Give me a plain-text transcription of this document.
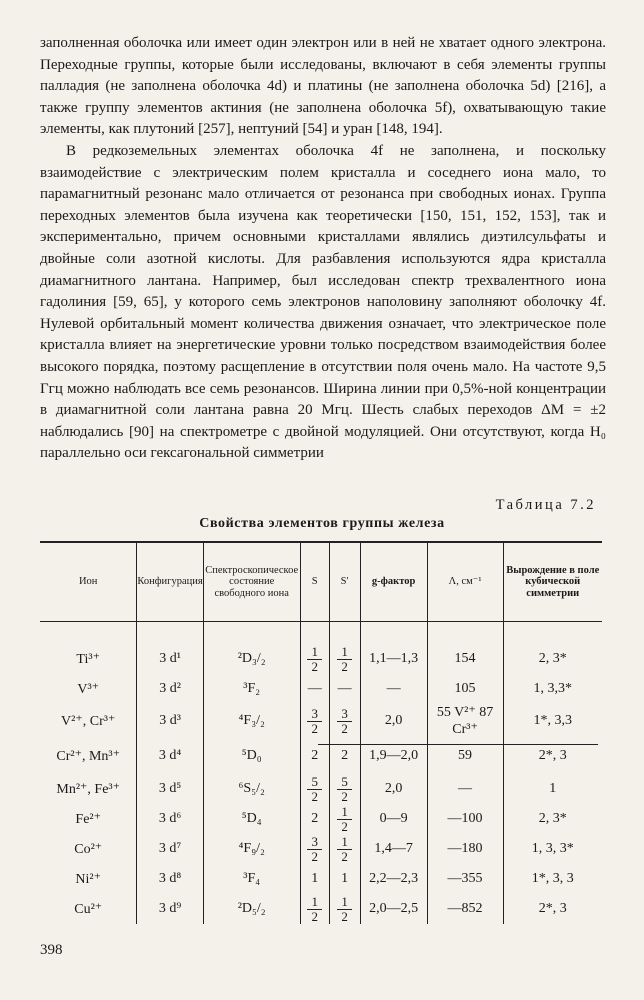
заполненная оболочка или имеет один электрон или в ней не хватает одного электрона. Переходные группы, которые были исследованы, включают в себя элементы группы палладия (не заполнена оболочка 4d) и платины (не заполнена оболочка 5d) [216], а также группу элементов актиния (не заполнена оболочка 5f), охватывающую такие элементы, как плутоний [257], нептуний [54] и уран [148, 194].

В редкоземельных элементах оболочка 4f не заполнена, и поскольку взаимодействие с электрическим полем кристалла и соседнего иона мало, то парамагнитный резонанс мало отличается от резонанса при свободных ионах. Группа переходных элементов была изучена как теоретически [150, 151, 152, 153], так и экспериментально, причем основными кристаллами являлись диэтилсульфаты и двойные соли азотной кислоты. Для разбавления используются ядра кристалла диамагнитного лантана. Например, был исследован спектр трехвалентного иона гадолиния [59, 65], у которого семь электронов наполовину заполняют оболочку 4f. Нулевой орбитальный момент количества движения означает, что электрическое поле кристалла влияет на энергетические уровни только посредством взаимодействия более высокого порядка, поэтому расщепление в отсутствии поля очень мало. На частоте 9,5 Ггц можно наблюдать все семь резонансов. Ширина линии при 0,5%-ной концентрации в диамагнитной соли лантана равна 20 Мгц. Шесть слабых переходов ΔM = ±2 наблюдались [90] на спектрометре с двойной модуляцией. Они отсутствуют, когда H₀ параллельно оси гексагональной симметрии

Таблица 7.2
Свойства элементов группы железа
Ион	Конфигурация	Спектроскопическое состояние свободного иона	S	S′	g-фактор	Λ, см⁻¹	Вырождение в поле кубической симметрии

Ti³⁺	3 d¹	²D₃/₂	$\frac{1}{2}$	$\frac{1}{2}$	1,1—1,3	154	2, 3*
V³⁺	3 d²	³F₂	—	—	—	105	1, 3,3*
V²⁺, Cr³⁺	3 d³	⁴F₃/₂	$\frac{3}{2}$	$\frac{3}{2}$	2,0	55 V²⁺ 87 Cr³⁺	1*, 3,3
Cr²⁺, Mn³⁺	3 d⁴	⁵D₀	2	2	1,9—2,0	59	2*, 3
Mn²⁺, Fe³⁺	3 d⁵	⁶S₅/₂	$\frac{5}{2}$	$\frac{5}{2}$	2,0	—	1
Fe²⁺	3 d⁶	⁵D₄	2	$\frac{1}{2}$	0—9	—100	2, 3*
Co²⁺	3 d⁷	⁴F₉/₂	$\frac{3}{2}$	$\frac{1}{2}$	1,4—7	—180	1, 3, 3*
Ni²⁺	3 d⁸	³F₄	1	1	2,2—2,3	—355	1*, 3, 3
Cu²⁺	3 d⁹	²D₅/₂	$\frac{1}{2}$	$\frac{1}{2}$	2,0—2,5	—852	2*, 3
398
